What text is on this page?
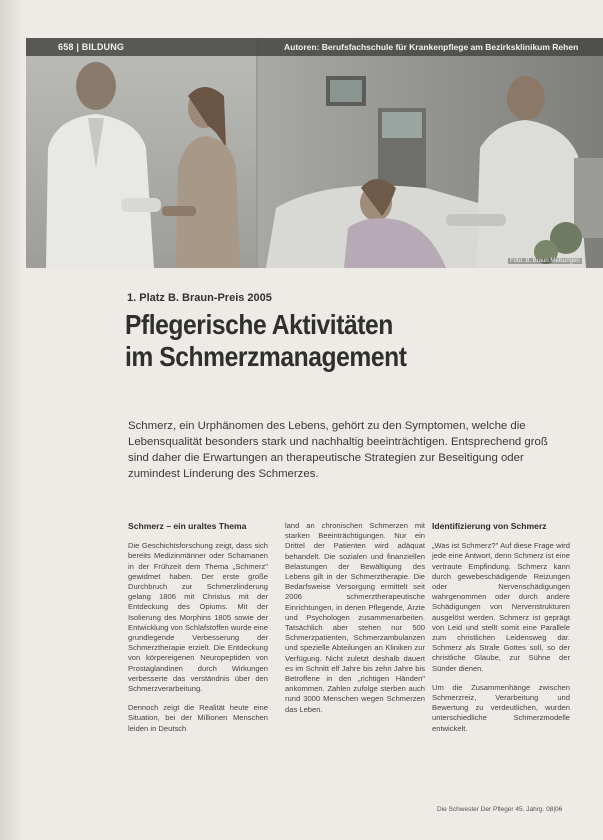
658 | BILDUNG	Autoren: Berufsfachschule für Krankenpflege am Bezirksklinikum Rehen
Foto: B. Braun Melsungen
1. Platz B. Braun-Preis 2005
Pflegerische Aktivitäten
im Schmerzmanagement

Schmerz, ein Urphänomen des Lebens, gehört zu den Symptomen, welche die Lebensqualität besonders stark und nachhaltig beeinträchtigen. Entsprechend groß sind daher die Erwartungen an therapeutische Strategien zur Beseitigung oder zumindest Linderung des Schmerzes.

Schmerz – ein uraltes Thema

Die Geschichtsforschung zeigt, dass sich bereits Medizinmänner oder Schamanen in der Frühzeit dem Thema „Schmerz" gewidmet haben. Der erste große Durchbruch zur Schmerzlinderung gelang 1806 mit Christus mit der Entdeckung des Opiums. Mit der Isolierung des Morphins 1805 sowie der Entwicklung von Schlafstoffen wurde eine grundlegende Verbesserung der Schmerztherapie erzielt. Die Entdeckung von körpereigenen Neuropeptiden von Prostaglandinen durch Wirkungen verbesserte das verständnis über den Schmerzverarbeitung.

Dennoch zeigt die Realität heute eine Situation, bei der Millionen Menschen leiden in Deutsch

land an chronischen Schmerzen mit starken Beeinträchtigungen. Nur ein Drittel der Patienten wird adäquat behandelt. Die sozialen und finanziellen Belastungen der Bewältigung des Lebens gilt in der Schmerztherapie. Die Bedarfsweise Versorgung ermittelt seit 2006 schmerztherapeutische Einrichtungen, in denen Pflegende, Ärzte und Psychologen zusammenarbeiten. Tatsächlich aber stehen nur 500 Schmerzpatienten, Schmerzambulanzen und spezielle Abteilungen an Kliniken zur Verfügung. Nicht zuletzt deshalb dauert es im Schnitt elf Jahre bis zehn Jahre bis Betroffene in den „richtigen Händen" ankommen. Zahlen zufolge sterben auch rund 3000 Menschen wegen Schmerzen das Leben.

Identifizierung von Schmerz

„Was ist Schmerz?" Auf diese Frage wird jede eine Antwort, denn Schmerz ist eine vertraute Empfindung. Schmerz kann durch gewebeschädigende Reizungen oder Nervenschädigungen wahrgenommen oder durch andere Schädigungen von Nervenstrukturen ausgelöst werden. Schmerz ist geprägt von Leid und stellt somit eine Parallele zum christlichen Leidensweg dar. Schmerz als Strafe Gottes soll, so der christliche Glaube, zur Sühne der Sünder dienen.

Um die Zusammenhänge zwischen Schmerzreiz, Verarbeitung und Bewertung zu verdeutlichen, wurden unterschiedliche Schmerzmodelle entwickelt.

Die Schwester Der Pfleger 45. Jahrg. 08|06
